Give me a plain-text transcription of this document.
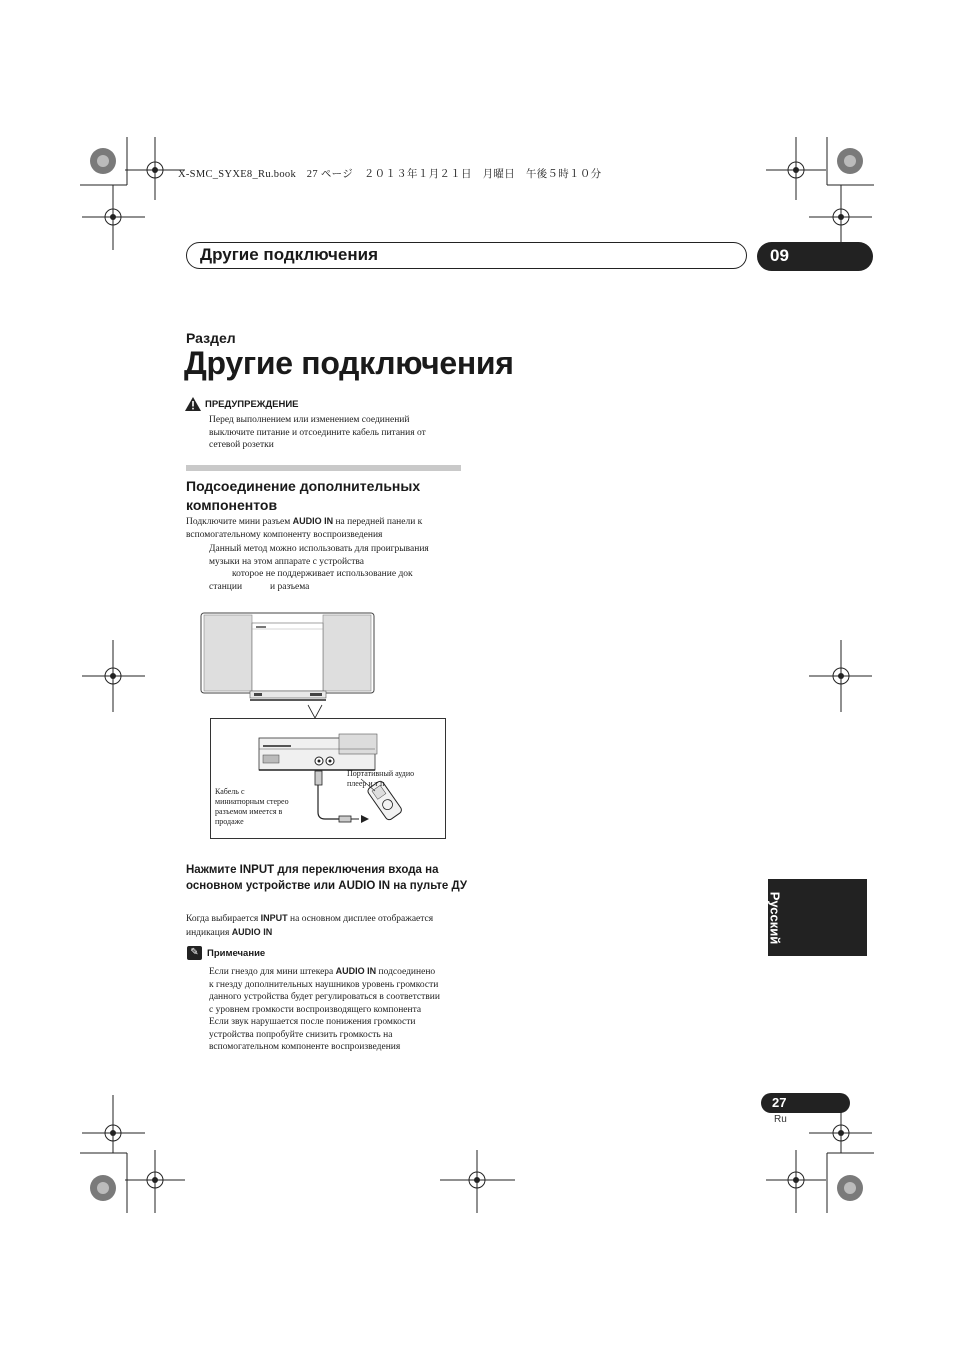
X-SMC_SYXE8_Ru.book　27 ページ　２０１３年１月２１日　月曜日　午後５時１０分
Другие подключения	09
Раздел
Другие подключения
ПРЕДУПРЕЖДЕНИЕ
Перед выполнением или изменением соединений
выключите питание и отсоедините кабель питания от
сетевой розетки
Подсоединение дополнительных компонентов
Подключите мини разъем AUDIO IN на передней панели к
вспомогательному компоненту воспроизведения
Данный метод можно использовать для проигрывания
музыки на этом аппарате с устройства
которое не поддерживает использование док
станции	и разъема
Кабель с
миниатюрным стерео
разъемом имеется в
продаже
Портативный аудио
плеер и т п
Нажмите INPUT для переключения входа на основном устройстве или AUDIO IN на пульте ДУ
Когда выбирается INPUT на основном дисплее отображается
индикация AUDIO IN
✎ Примечание
Если гнездо для мини штекера AUDIO IN подсоединено
к гнезду дополнительных наушников уровень громкости
данного устройства будет регулироваться в соответствии
с уровнем громкости воспроизводящего компонента
Если звук нарушается после понижения громкости
устройства попробуйте снизить громкость на
вспомогательном компоненте воспроизведения
Русский
27
Ru
